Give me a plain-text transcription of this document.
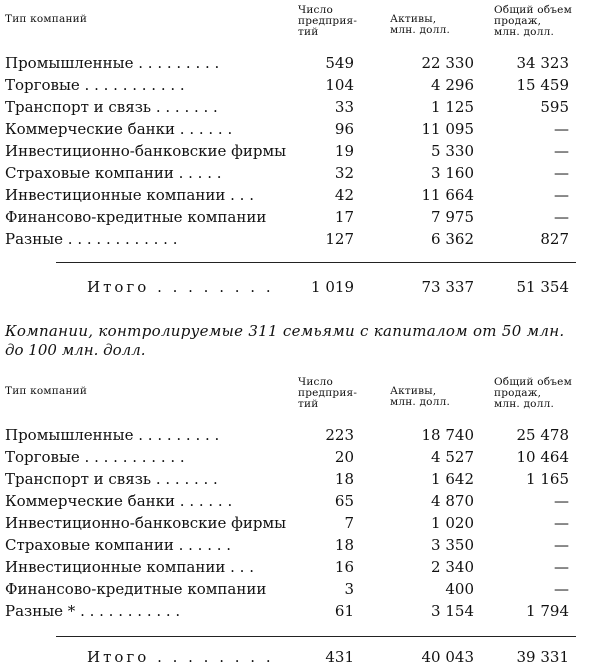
Тип компаний
Число
предприя-
тий
Активы,
млн. долл.
Общий объем
продаж,
млн. долл.
Промышленные . . . . . . . . .	549	22 330	34 323
Торговые . . . . . . . . . . .	104	4 296	15 459
Транспорт и связь . . . . . . .	33	1 125	595
Коммерческие банки . . . . . .	96	11 095	—
Инвестиционно-банковские фирмы	19	5 330	—
Страховые компании . . . . .	32	3 160	—
Инвестиционные компании . . .	42	11 664	—
Финансово-кредитные компании	17	7 975	—
Разные . . . . . . . . . . . .	127	6 362	827
Итого . . . . . . . . 1 019	73 337	51 354
Компании, контролируемые 311 семьями с капиталом от 50 млн.
до 100 млн. долл.
Тип компаний
Число
предприя-
тий
Активы,
млн. долл.
Общий объем
продаж,
млн. долл.
Промышленные . . . . . . . . .	223	18 740	25 478
Торговые . . . . . . . . . . .	20	4 527	10 464
Транспорт и связь . . . . . . .	18	1 642	1 165
Коммерческие банки . . . . . .	65	4 870	—
Инвестиционно-банковские фирмы	7	1 020	—
Страховые компании . . . . . .	18	3 350	—
Инвестиционные компании . . .	16	2 340	—
Финансово-кредитные компании	3	400	—
Разные * . . . . . . . . . . .	61	3 154	1 794
Итого . . . . . . . .	431	40 043	39 331
